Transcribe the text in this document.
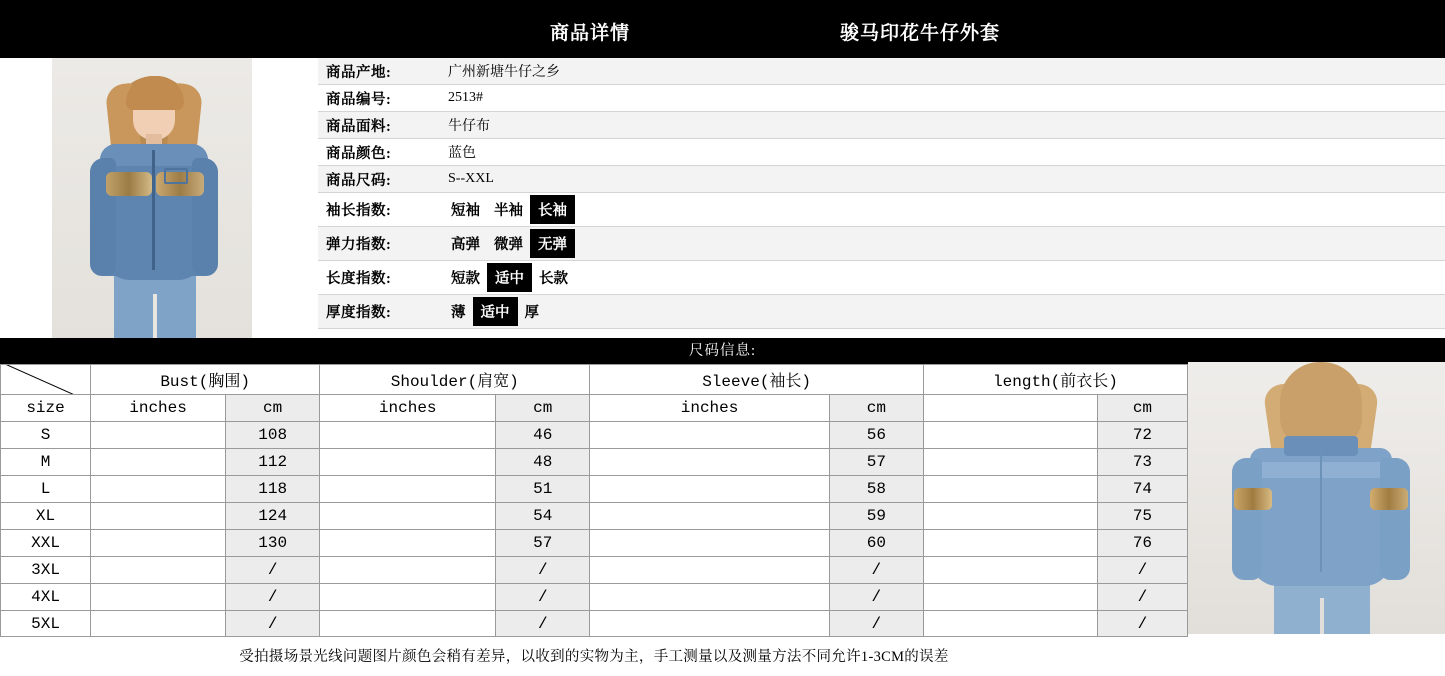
商品详情	骏马印花牛仔外套
商品产地:	广州新塘牛仔之乡
商品编号:	2513#
商品面料:	牛仔布
商品颜色:	蓝色
商品尺码:	S--XXL
袖长指数:	短袖 半袖	长袖
弹力指数:	高弹 微弹	无弹
长度指数:	短款	适中	长款
厚度指数:	薄	适中	厚
尺码信息:
	Bust(胸围)		Shoulder(肩宽)		Sleeve(袖长)		length(前衣长)	
size	inches	cm	inches	cm	inches	cm		cm
S		108		46		56		72
M		112		48		57		73
L		118		51		58		74
XL		124		54		59		75
XXL		130		57		60		76
3XL		/		/		/		/
4XL		/		/		/		/
5XL		/		/		/		/
受拍摄场景光线问题图片颜色会稍有差异，以收到的实物为主，手工测量以及测量方法不同允许1-3CM的误差
